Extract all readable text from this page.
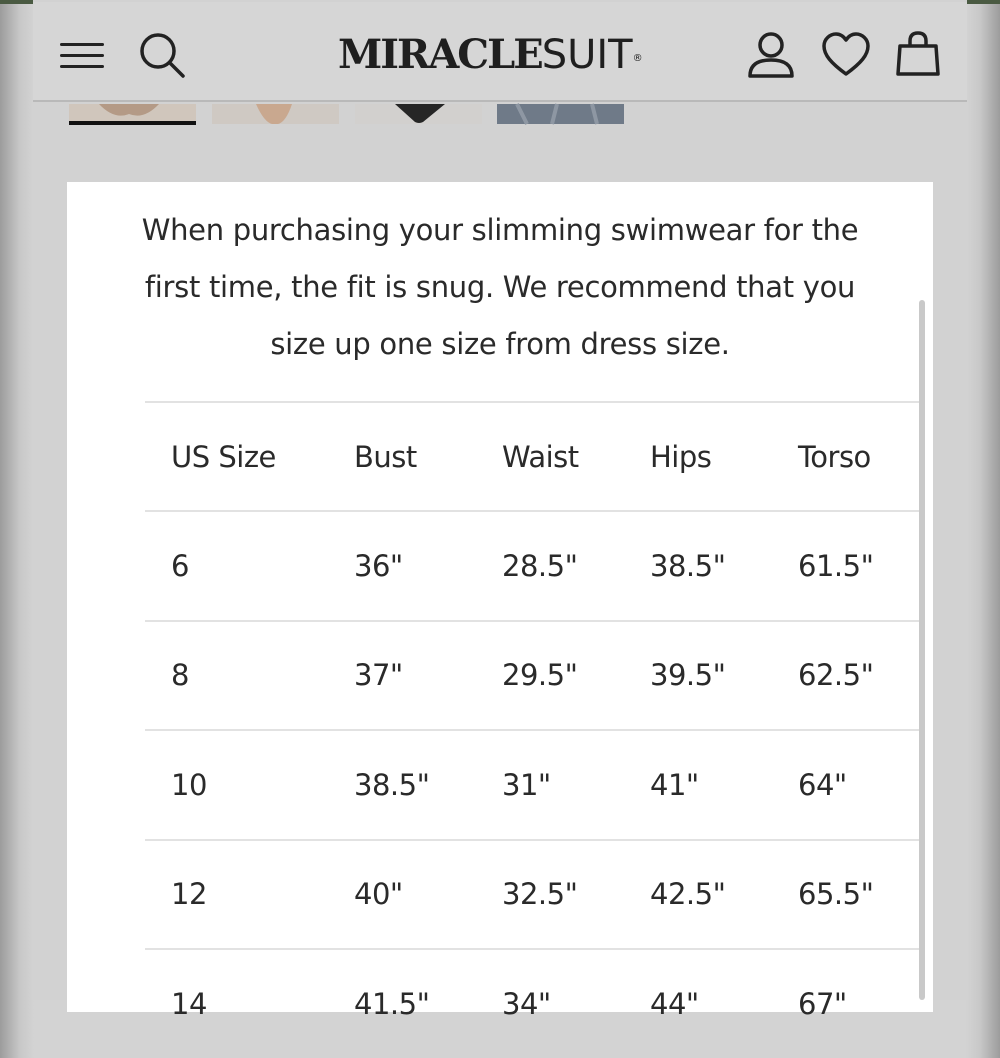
MIRACLESUIT®

When purchasing your slimming swimwear for the first time, the fit is snug. We recommend that you size up one size from dress size.

US Size	Bust	Waist	Hips	Torso
6	36"	28.5"	38.5"	61.5"
8	37"	29.5"	39.5"	62.5"
10	38.5"	31"	41"	64"
12	40"	32.5"	42.5"	65.5"
14	41.5"	34"	44"	67"
